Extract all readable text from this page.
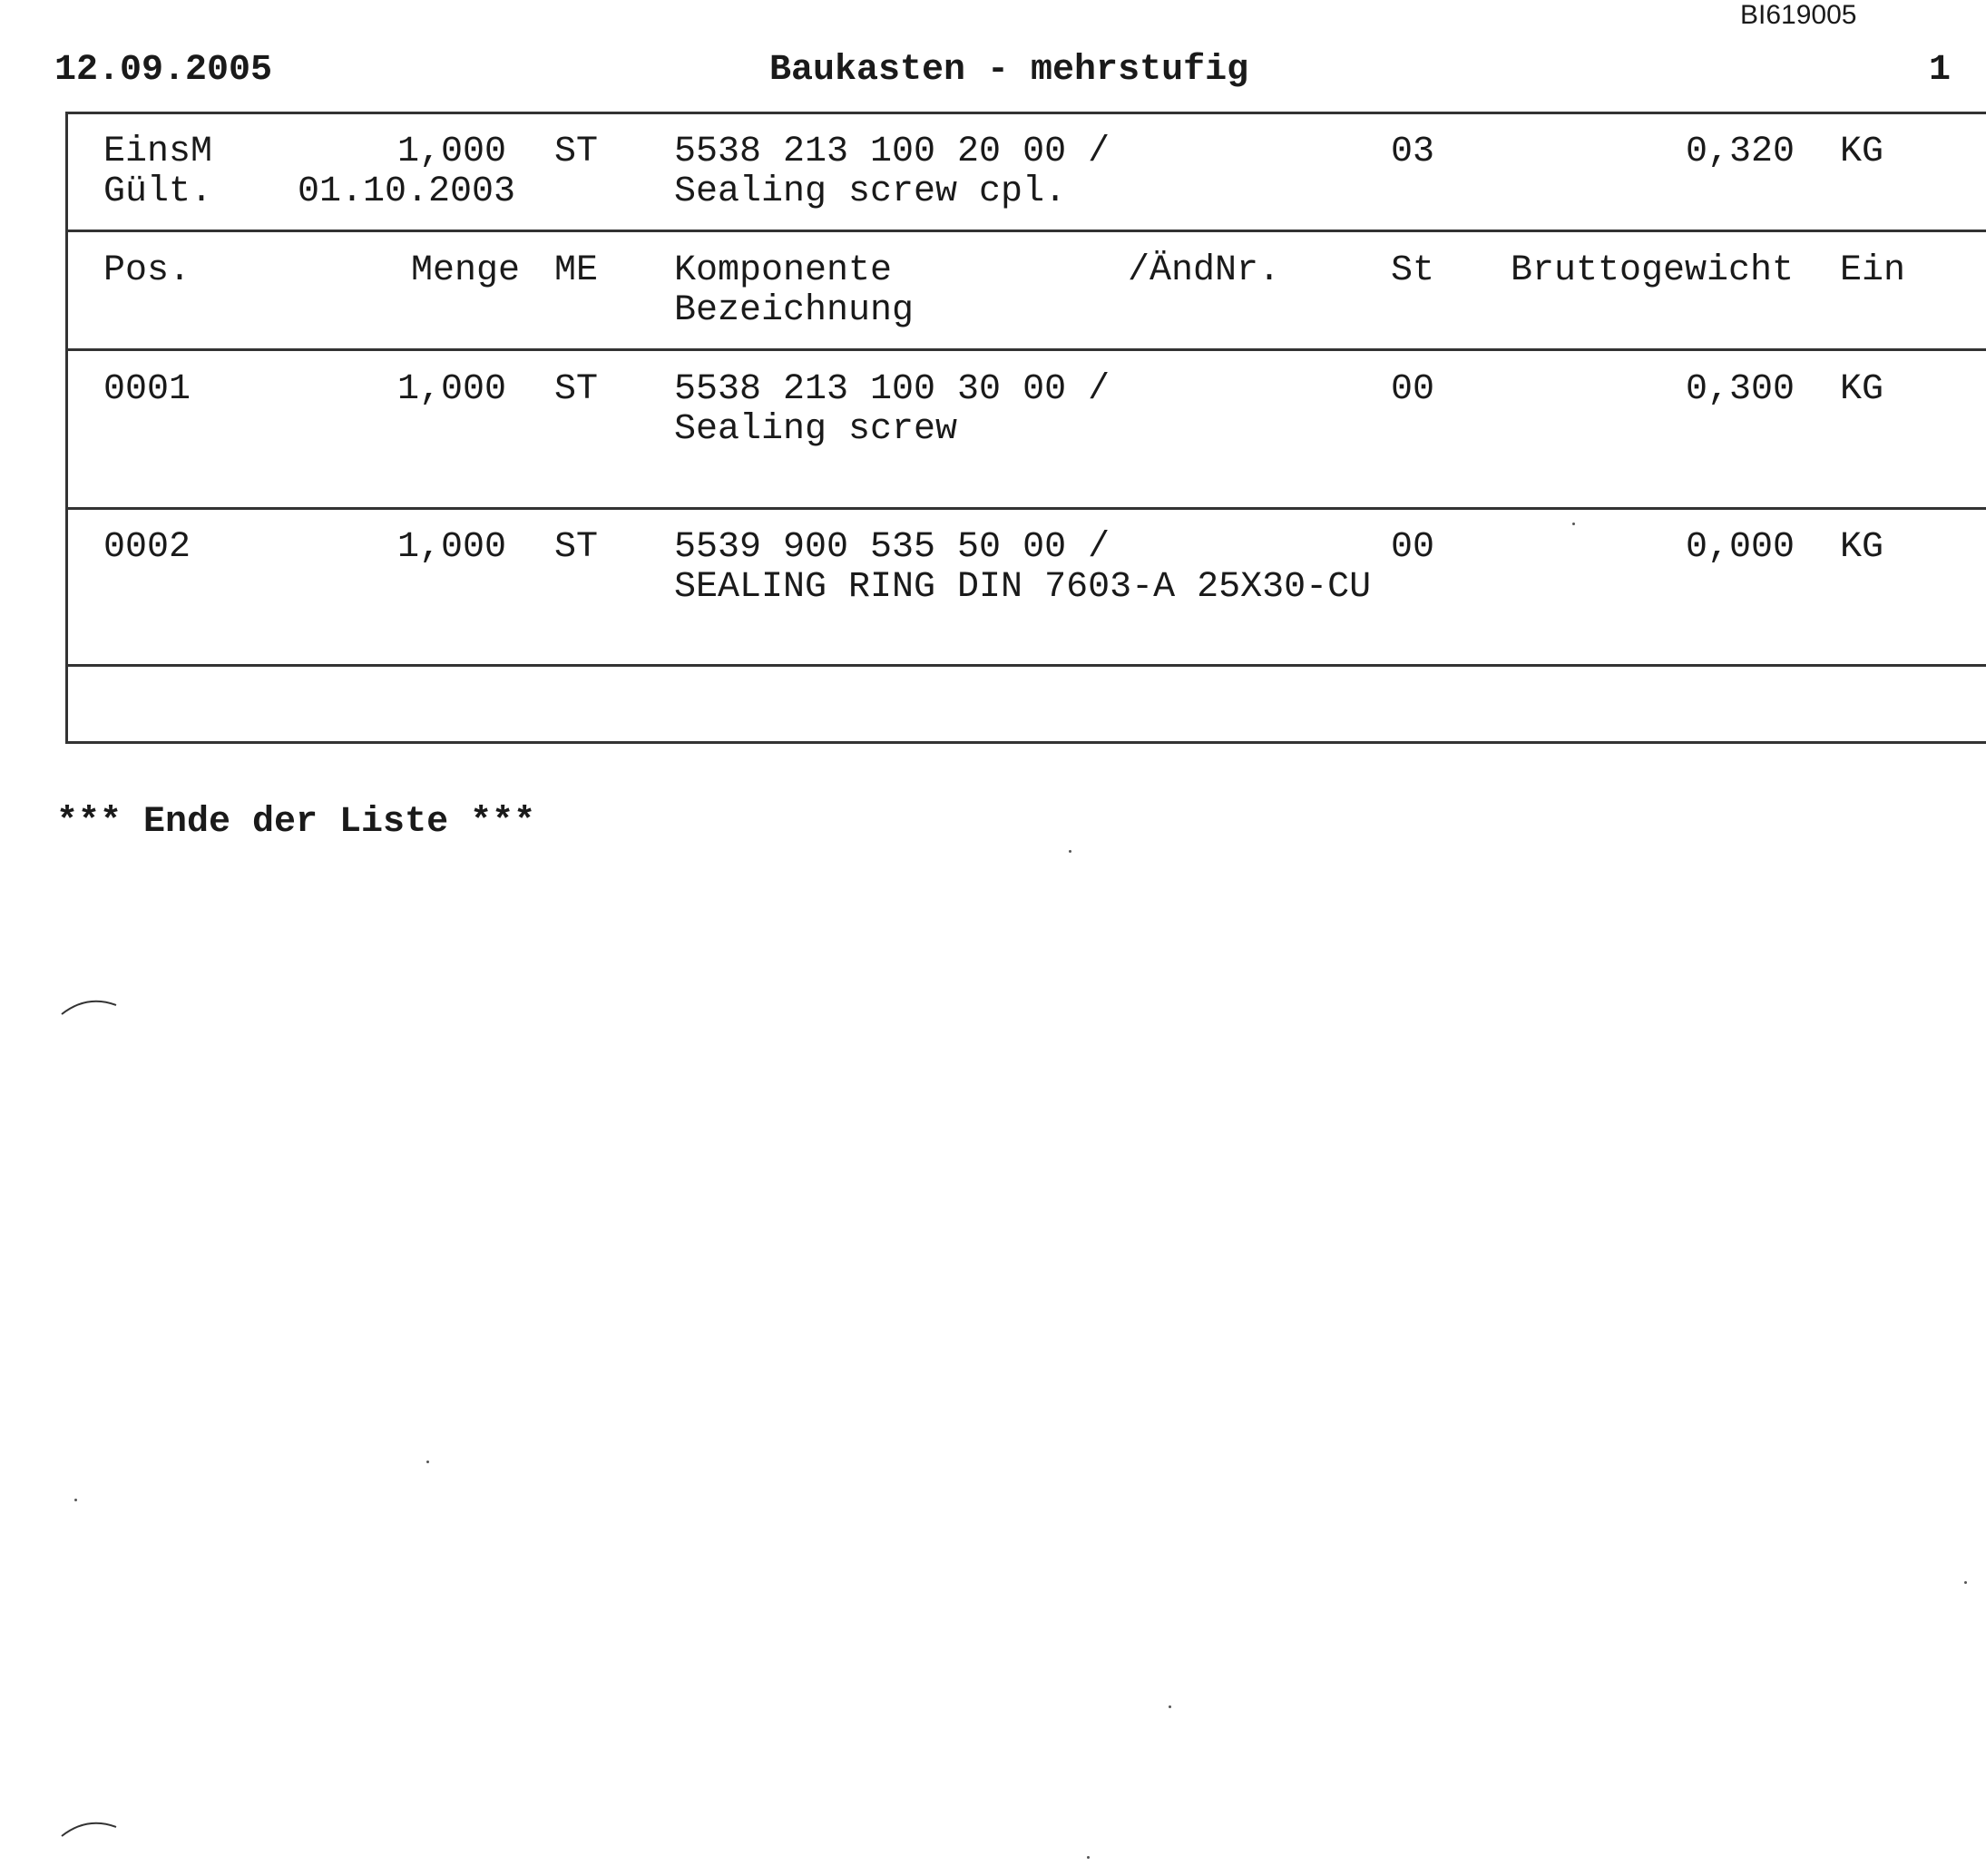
BI619005
12.09.2005	Baukasten - mehrstufig	1
EinsM	1,000 ST 5538 213 100 20 00 /	03	0,320 KG
Gült. 01.10.2003	Sealing screw cpl.
Pos.	Menge ME Komponente	/ÄndNr.	St Bruttogewicht Ein
Bezeichnung
0001	1,000 ST 5538 213 100 30 00 /	00	0,300 KG
Sealing screw
0002	1,000 ST 5539 900 535 50 00 /	00	0,000 KG
SEALING RING DIN 7603-A 25X30-CU
*** Ende der Liste ***
